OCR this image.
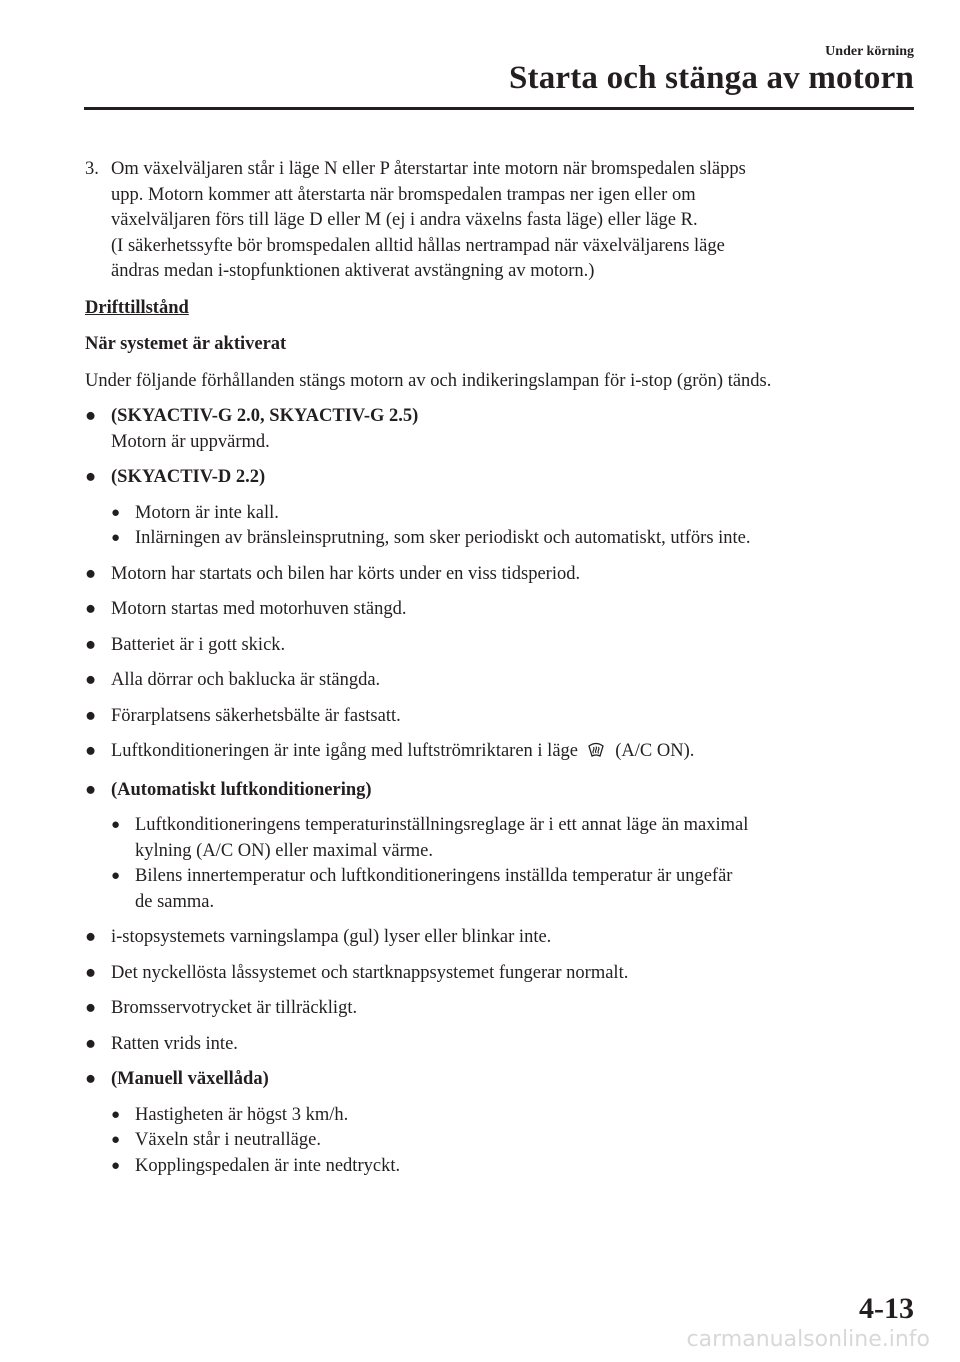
Under körning
Starta och stänga av motorn
3. Om växelväljaren står i läge N eller P återstartar inte motorn när bromspedalen släpps
upp. Motorn kommer att återstarta när bromspedalen trampas ner igen eller om
växelväljaren förs till läge D eller M (ej i andra växelns fasta läge) eller läge R.
(I säkerhetssyfte bör bromspedalen alltid hållas nertrampad när växelväljarens läge
ändras medan i-stopfunktionen aktiverat avstängning av motorn.)
Drifttillstånd
När systemet är aktiverat
Under följande förhållanden stängs motorn av och indikeringslampan för i-stop (grön) tänds.
● (SKYACTIV-G 2.0, SKYACTIV-G 2.5)
Motorn är uppvärmd.
● (SKYACTIV-D 2.2)
● Motorn är inte kall.
● Inlärningen av bränsleinsprutning, som sker periodiskt och automatiskt, utförs inte.
● Motorn har startats och bilen har körts under en viss tidsperiod.
● Motorn startas med motorhuven stängd.
● Batteriet är i gott skick.
● Alla dörrar och baklucka är stängda.
● Förarplatsens säkerhetsbälte är fastsatt.
● Luftkonditioneringen är inte igång med luftströmriktaren i läge (A/C ON).
● (Automatiskt luftkonditionering)
● Luftkonditioneringens temperaturinställningsreglage är i ett annat läge än maximal
kylning (A/C ON) eller maximal värme.
● Bilens innertemperatur och luftkonditioneringens inställda temperatur är ungefär
de samma.
● i-stopsystemets varningslampa (gul) lyser eller blinkar inte.
● Det nyckellösta låssystemet och startknappsystemet fungerar normalt.
● Bromsservotrycket är tillräckligt.
● Ratten vrids inte.
● (Manuell växellåda)
● Hastigheten är högst 3 km/h.
● Växeln står i neutralläge.
● Kopplingspedalen är inte nedtryckt.
4-13
carmanualsonline.info
